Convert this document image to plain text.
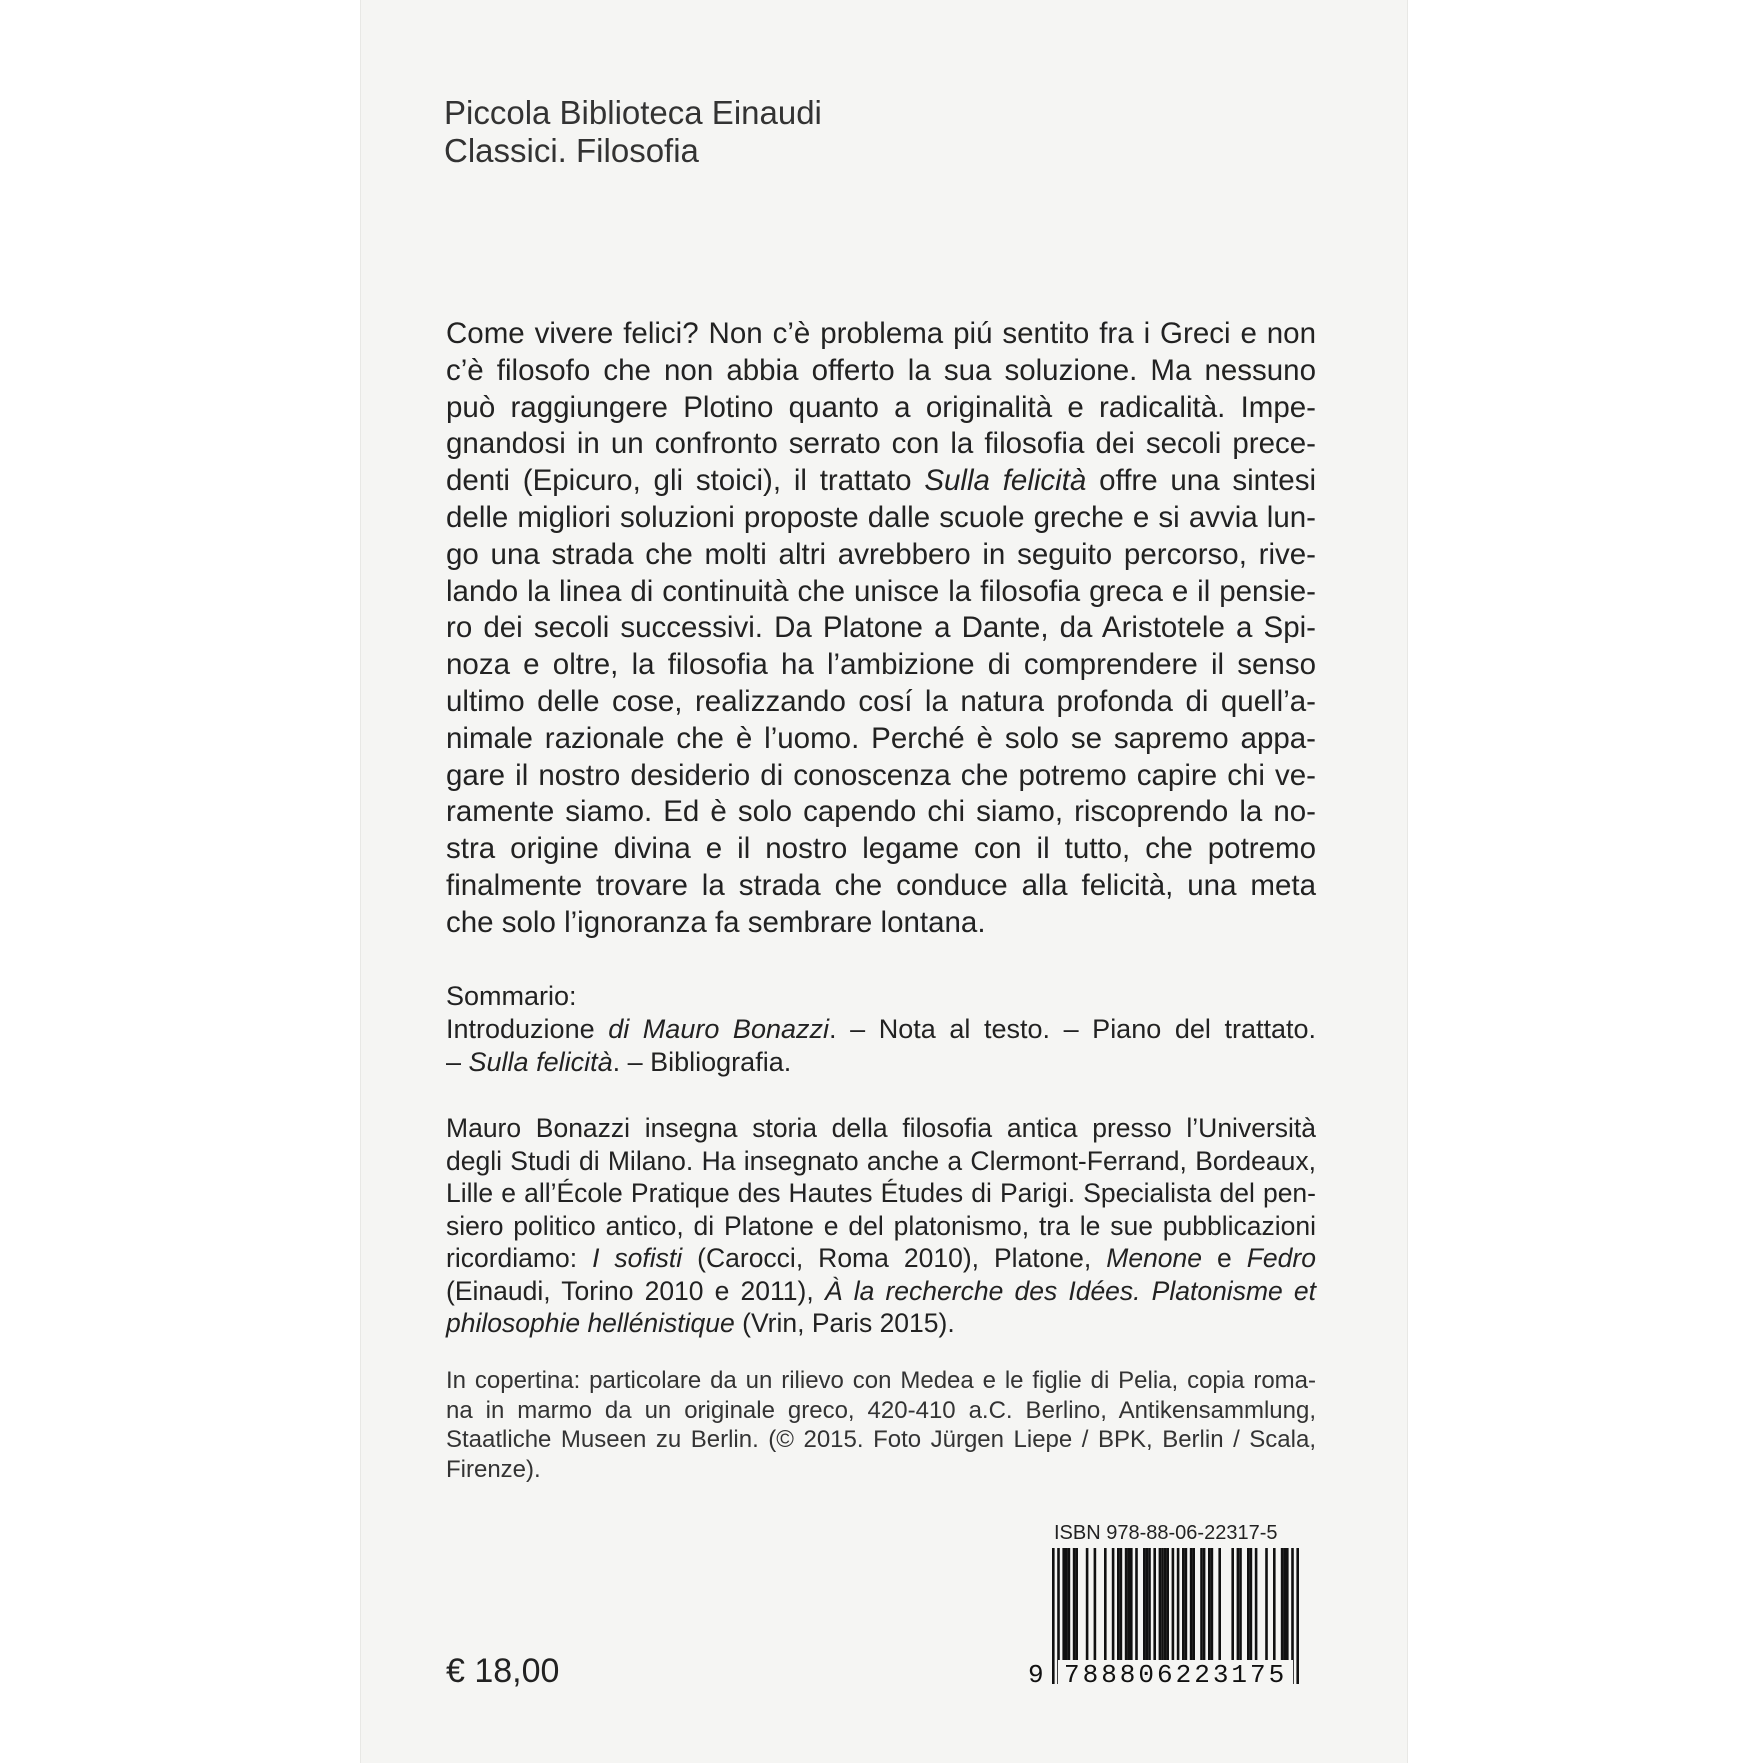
Piccola Biblioteca Einaudi
Classici. Filosofia
Come vivere felici? Non c’è problema piú sentito fra i Greci e non
c’è filosofo che non abbia offerto la sua soluzione. Ma nessuno
può raggiungere Plotino quanto a originalità e radicalità. Impe-
gnandosi in un confronto serrato con la filosofia dei secoli prece-
denti (Epicuro, gli stoici), il trattato Sulla felicità offre una sintesi
delle migliori soluzioni proposte dalle scuole greche e si avvia lun-
go una strada che molti altri avrebbero in seguito percorso, rive-
lando la linea di continuità che unisce la filosofia greca e il pensie-
ro dei secoli successivi. Da Platone a Dante, da Aristotele a Spi-
noza e oltre, la filosofia ha l’ambizione di comprendere il senso
ultimo delle cose, realizzando cosí la natura profonda di quell’a-
nimale razionale che è l’uomo. Perché è solo se sapremo appa-
gare il nostro desiderio di conoscenza che potremo capire chi ve-
ramente siamo. Ed è solo capendo chi siamo, riscoprendo la no-
stra origine divina e il nostro legame con il tutto, che potremo
finalmente trovare la strada che conduce alla felicità, una meta
che solo l’ignoranza fa sembrare lontana.
Sommario:
Introduzione di Mauro Bonazzi. – Nota al testo. – Piano del trattato.
– Sulla felicità. – Bibliografia.
Mauro Bonazzi insegna storia della filosofia antica presso l’Università
degli Studi di Milano. Ha insegnato anche a Clermont-Ferrand, Bordeaux,
Lille e all’École Pratique des Hautes Études di Parigi. Specialista del pen-
siero politico antico, di Platone e del platonismo, tra le sue pubblicazioni
ricordiamo: I sofisti (Carocci, Roma 2010), Platone, Menone e Fedro
(Einaudi, Torino 2010 e 2011), À la recherche des Idées. Platonisme et
philosophie hellénistique (Vrin, Paris 2015).
In copertina: particolare da un rilievo con Medea e le figlie di Pelia, copia roma-
na in marmo da un originale greco, 420-410 a.C. Berlino, Antikensammlung,
Staatliche Museen zu Berlin. (© 2015. Foto Jürgen Liepe / BPK, Berlin / Scala,
Firenze).
ISBN 978-88-06-22317-5
9 788806223175
€ 18,00
